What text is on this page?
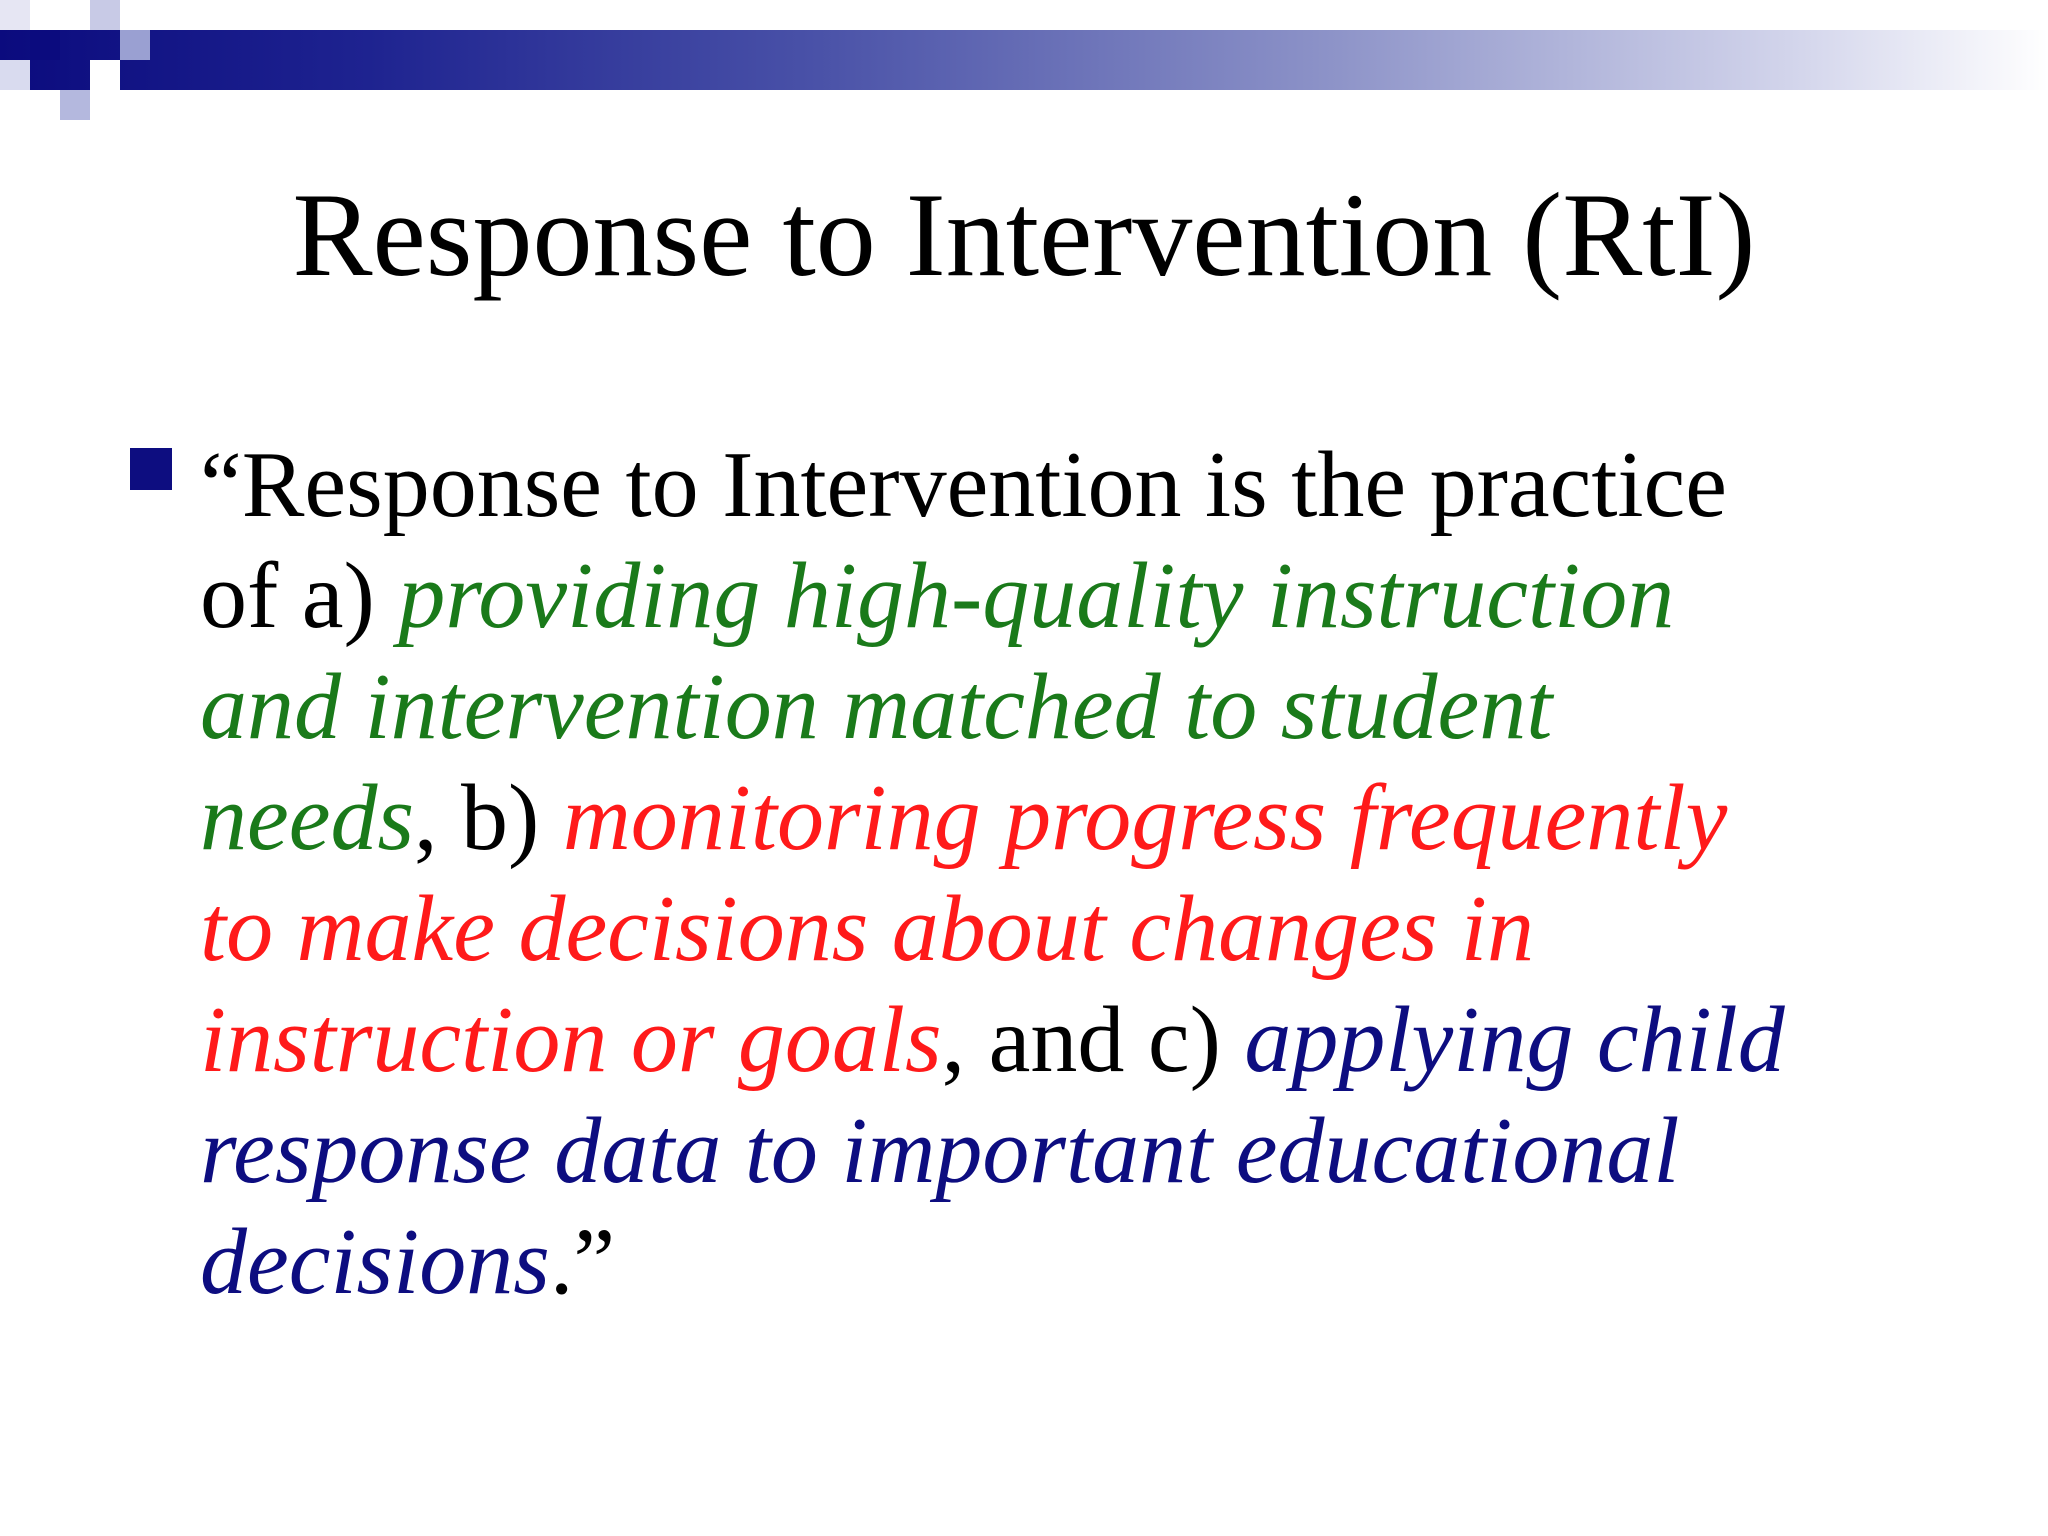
Response to Intervention (RtI)
“Response to Intervention is the practice
of a) providing high-quality instruction
and intervention matched to student
needs, b) monitoring progress frequently
to make decisions about changes in
instruction or goals, and c) applying child
response data to important educational
decisions.”
